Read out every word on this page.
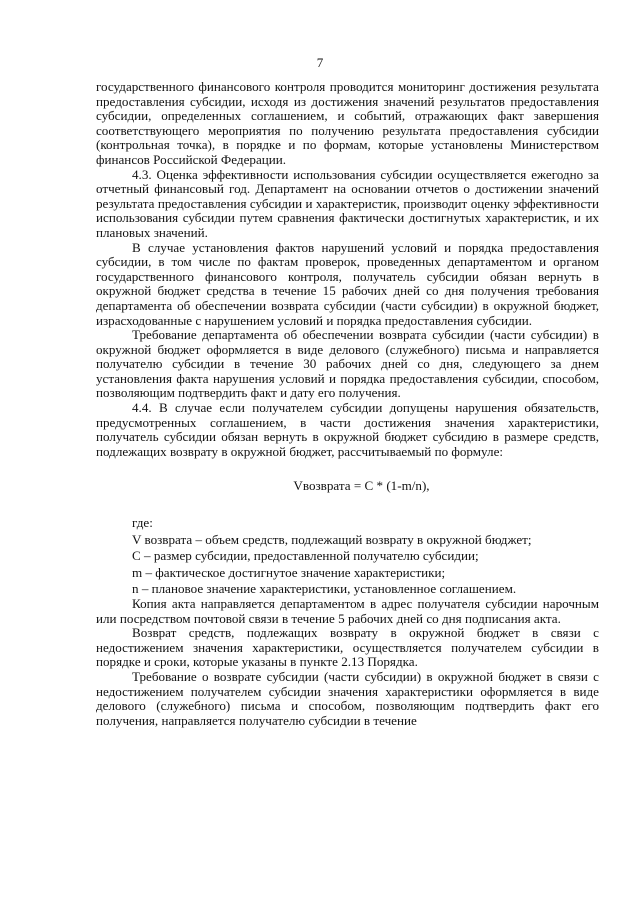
7

государственного финансового контроля проводится мониторинг достижения результата предоставления субсидии, исходя из достижения значений результатов предоставления субсидии, определенных соглашением, и событий, отражающих факт завершения соответствующего мероприятия по получению результата предоставления субсидии (контрольная точка), в порядке и по формам, которые установлены Министерством финансов Российской Федерации.

4.3. Оценка эффективности использования субсидии осуществляется ежегодно за отчетный финансовый год. Департамент на основании отчетов о достижении значений результата предоставления субсидии и характеристик, производит оценку эффективности использования субсидии путем сравнения фактически достигнутых характеристик, и их плановых значений.

В случае установления фактов нарушений условий и порядка предоставления субсидии, в том числе по фактам проверок, проведенных департаментом и органом государственного финансового контроля, получатель субсидии обязан вернуть в окружной бюджет средства в течение 15 рабочих дней со дня получения требования департамента об обеспечении возврата субсидии (части субсидии) в окружной бюджет, израсходованные с нарушением условий и порядка предоставления субсидии.

Требование департамента об обеспечении возврата субсидии (части субсидии) в окружной бюджет оформляется в виде делового (служебного) письма и направляется получателю субсидии в течение 30 рабочих дней со дня, следующего за днем установления факта нарушения условий и порядка предоставления субсидии, способом, позволяющим подтвердить факт и дату его получения.

4.4. В случае если получателем субсидии допущены нарушения обязательств, предусмотренных соглашением, в части достижения значения характеристики, получатель субсидии обязан вернуть в окружной бюджет субсидию в размере средств, подлежащих возврату в окружной бюджет, рассчитываемый по формуле:

Vвозврата = C * (1-m/n),

где:

V возврата – объем средств, подлежащий возврату в окружной бюджет;

C – размер субсидии, предоставленной получателю субсидии;

m – фактическое достигнутое значение характеристики;

n – плановое значение характеристики, установленное соглашением.

Копия акта направляется департаментом в адрес получателя субсидии нарочным или посредством почтовой связи в течение 5 рабочих дней со дня подписания акта.

Возврат средств, подлежащих возврату в окружной бюджет в связи с недостижением значения характеристики, осуществляется получателем субсидии в порядке и сроки, которые указаны в пункте 2.13 Порядка.

Требование о возврате субсидии (части субсидии) в окружной бюджет в связи с недостижением получателем субсидии значения характеристики оформляется в виде делового (служебного) письма и способом, позволяющим подтвердить факт его получения, направляется получателю субсидии в течение
